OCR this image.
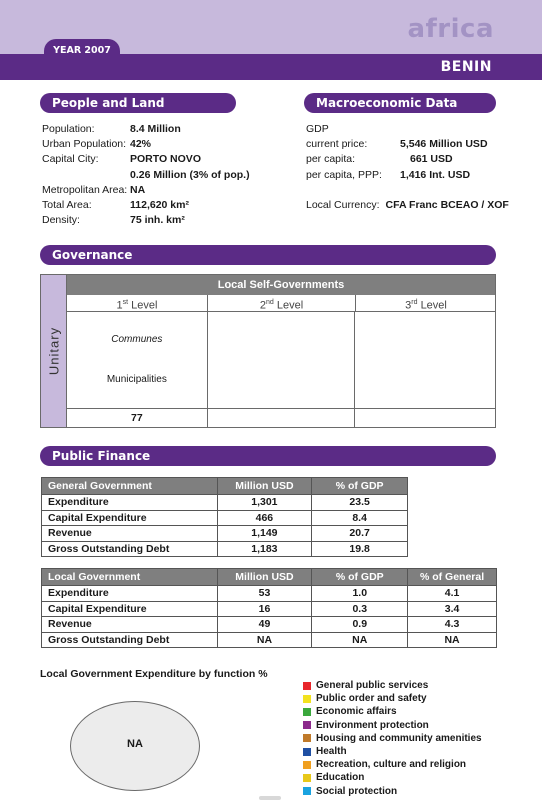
africa
BENIN
YEAR 2007
People and Land
Population:	8.4 Million
Urban Population: 42%
Capital City:	PORTO NOVO
0.26 Million (3% of pop.)
Metropolitan Area: NA
Total Area:	112,620 km²
Density:	75 inh. km²
Macroeconomic Data
GDP
current price:	5,546 Million USD
per capita:	661 USD
per capita, PPP:	1,416 Int. USD
Local Currency: CFA Franc BCEAO / XOF
Governance
Unitary
Local Self-Governments
1st Level	2nd Level	3rd Level
Communes
Municipalities
77
Public Finance
General Government	Million USD	% of GDP
Expenditure	1,301	23.5
Capital Expenditure	466	8.4
Revenue	1,149	20.7
Gross Outstanding Debt	1,183	19.8
Local Government	Million USD	% of GDP	% of General
Expenditure	53	1.0	4.1
Capital Expenditure	16	0.3	3.4
Revenue	49	0.9	4.3
Gross Outstanding Debt	NA	NA	NA
Local Government Expenditure by function %
NA
General public services
Public order and safety
Economic affairs
Environment protection
Housing and community amenities
Health
Recreation, culture and religion
Education
Social protection
